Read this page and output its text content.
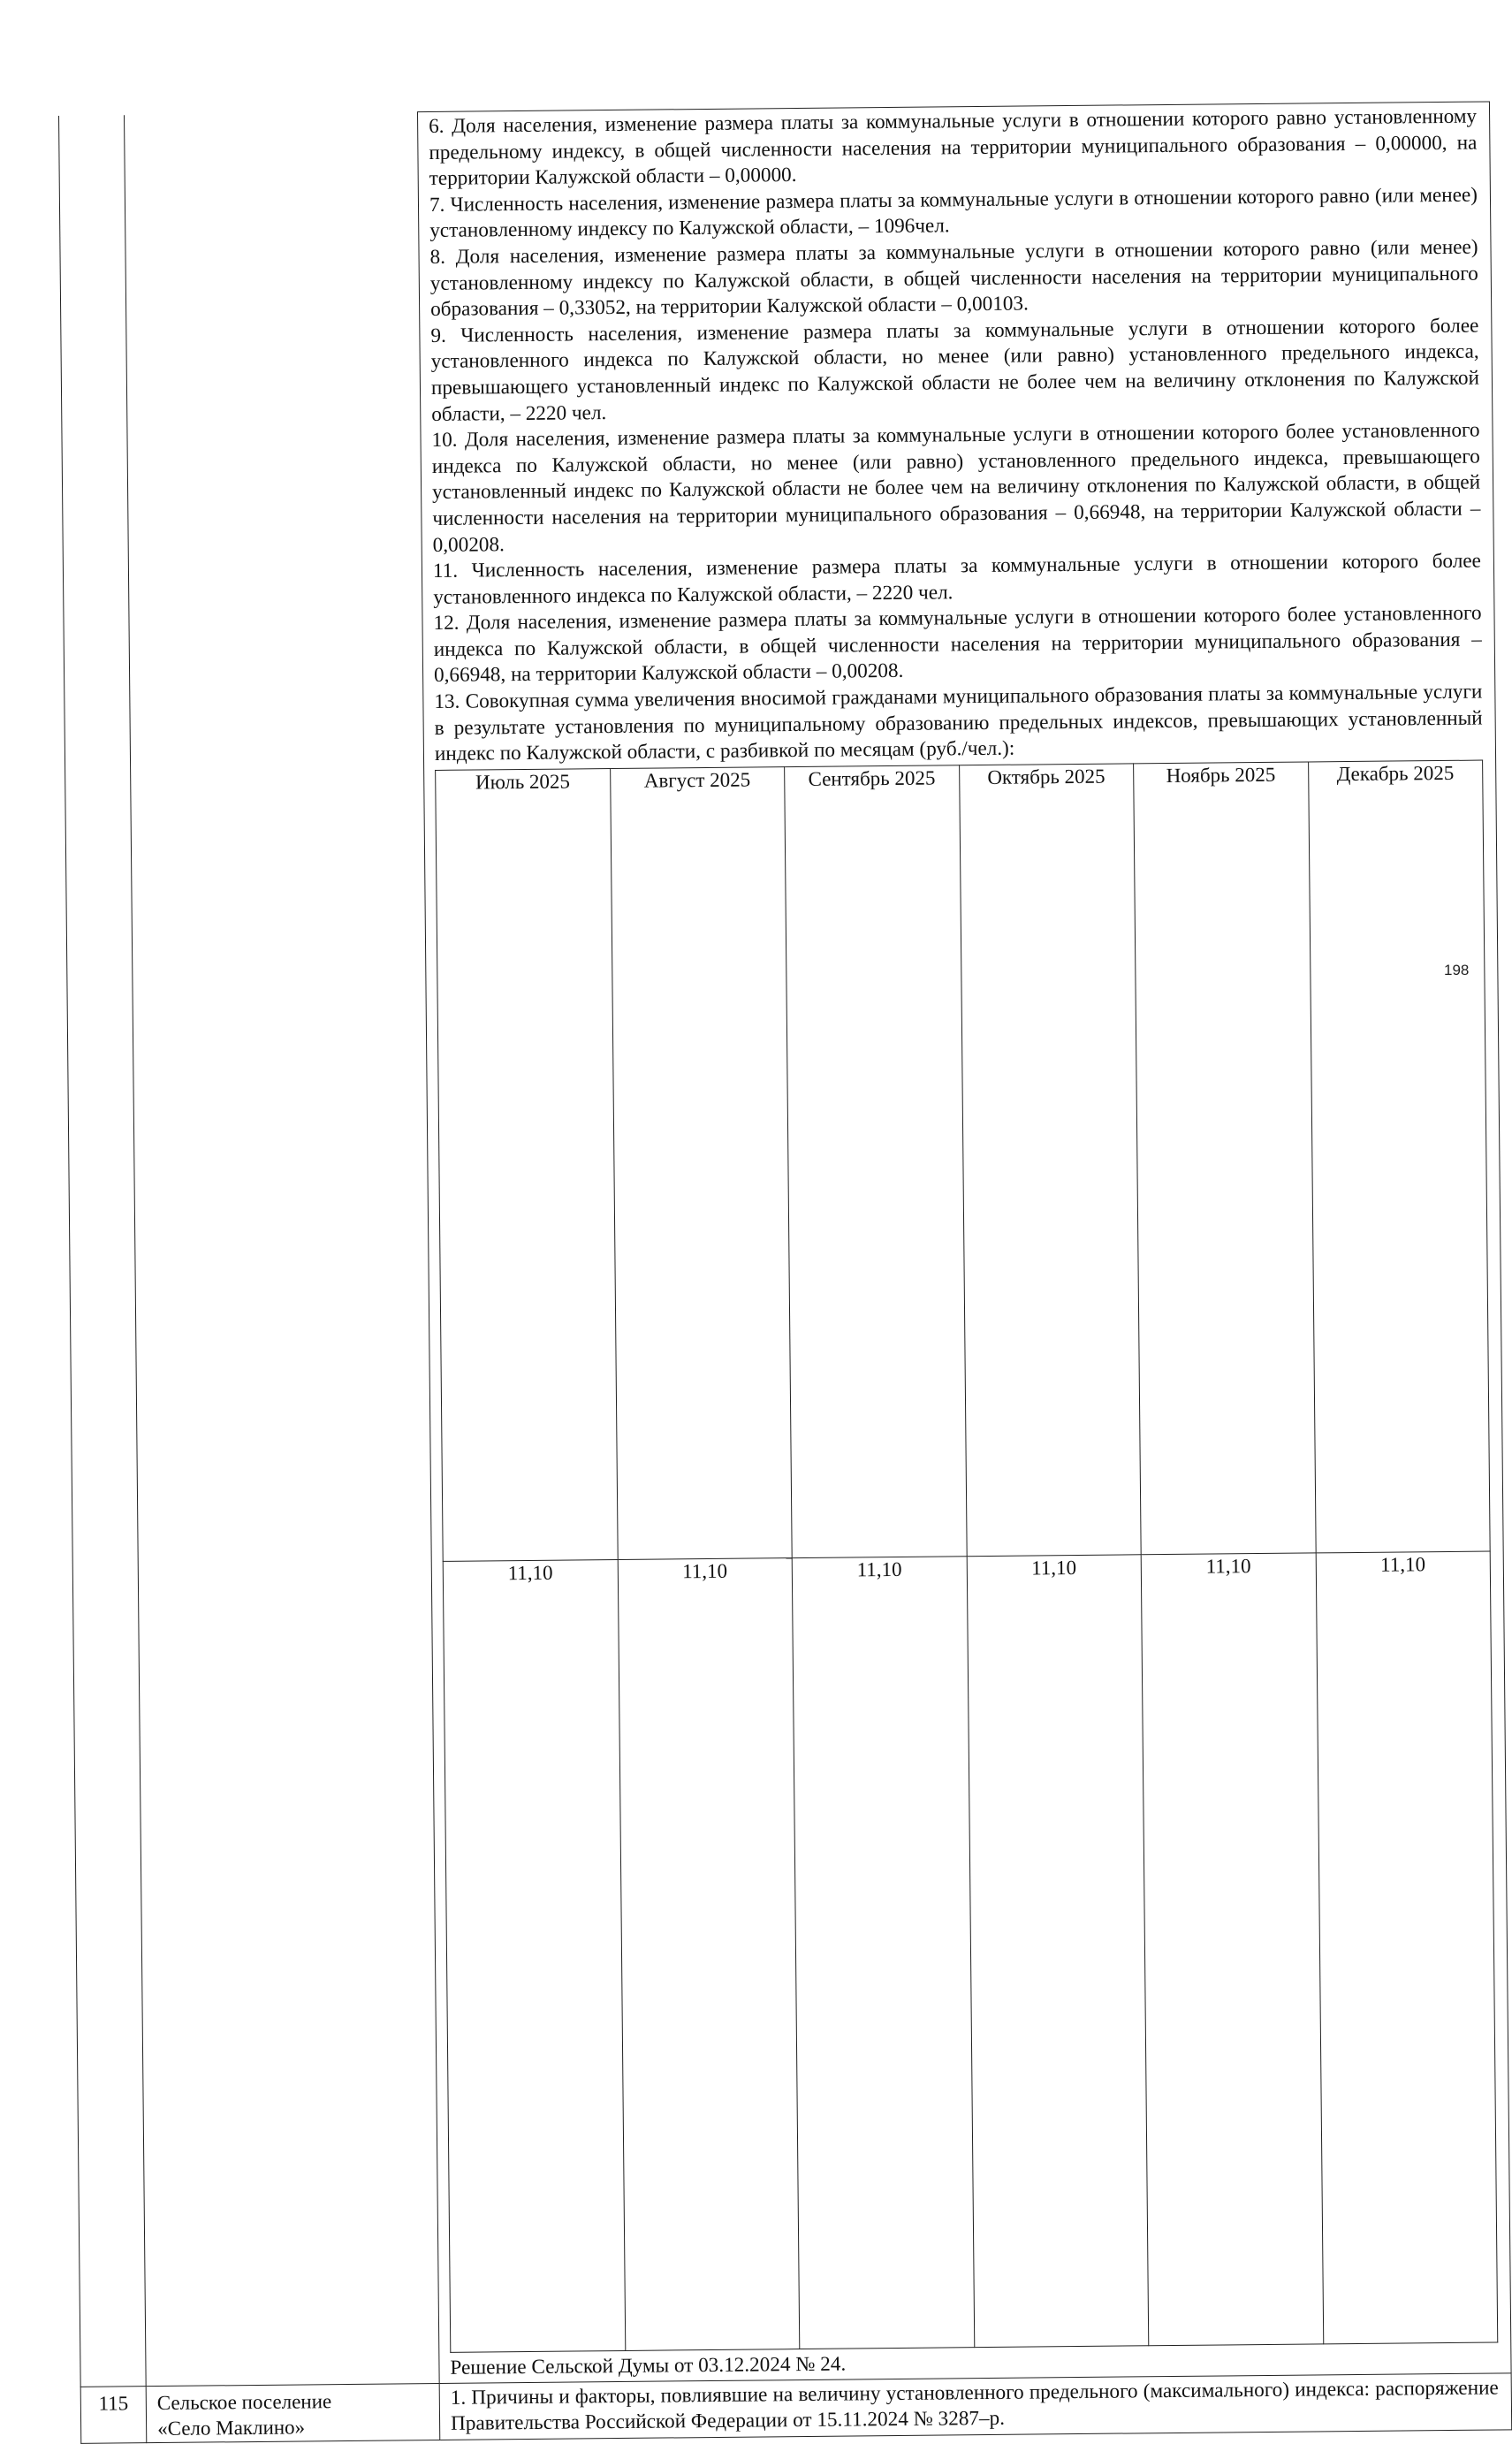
6. Доля населения, изменение размера платы за коммунальные услуги в отношении которого равно установленному предельному индексу, в общей численности населения на территории муниципального образования – 0,00000, на территории Калужской области – 0,00000.

7. Численность населения, изменение размера платы за коммунальные услуги в отношении которого равно (или менее) установленному индексу по Калужской области, – 1096чел.

8. Доля населения, изменение размера платы за коммунальные услуги в отношении которого равно (или менее) установленному индексу по Калужской области, в общей численности населения на территории муниципального образования – 0,33052, на территории Калужской области – 0,00103.

9. Численность населения, изменение размера платы за коммунальные услуги в отношении которого более установленного индекса по Калужской области, но менее (или равно) установленного предельного индекса, превышающего установленный индекс по Калужской области не более чем на величину отклонения по Калужской области, – 2220 чел.

10. Доля населения, изменение размера платы за коммунальные услуги в отношении которого более установленного индекса по Калужской области, но менее (или равно) установленного предельного индекса, превышающего установленный индекс по Калужской области не более чем на величину отклонения по Калужской области, в общей численности населения на территории муниципального образования – 0,66948, на территории Калужской области – 0,00208.

11. Численность населения, изменение размера платы за коммунальные услуги в отношении которого более установленного индекса по Калужской области, – 2220 чел.

12. Доля населения, изменение размера платы за коммунальные услуги в отношении которого более установленного индекса по Калужской области, в общей численности населения на территории муниципального образования – 0,66948, на территории Калужской области – 0,00208.

13. Совокупная сумма увеличения вносимой гражданами муниципального образования платы за коммунальные услуги в результате установления по муниципальному образованию предельных индексов, превышающих установленный индекс по Калужской области, с разбивкой по месяцам (руб./чел.):

Июль 2025	Август 2025	Сентябрь 2025	Октябрь 2025	Ноябрь 2025	Декабрь 2025
11,10	11,10	11,10	11,10	11,10	11,10

Решение Сельской Думы от 03.12.2024 № 24.

115	Сельское поселение
«Село Маклино»

1. Причины и факторы, повлиявшие на величину установленного предельного (максимального) индекса: распоряжение Правительства Российской Федерации от 15.11.2024 № 3287–р.
198
